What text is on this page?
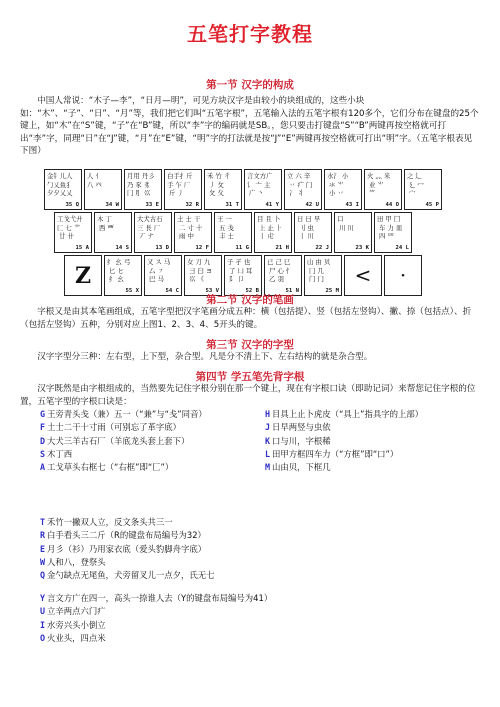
五笔打字教程
第一节 汉字的构成

中国人常说：“木子—李”，“日月—明”，可见方块汉字是由较小的块组成的，这些小块如：“木”、“子”、“日”、“月”等，我们把它们叫“五笔字根”，五笔输入法的五笔字根有120多个，它们分布在键盘的25个键上，如“木”在“S”键，“子”在“B”键，所以“李”字的编码就是SB。，您只要击打键盘“S”“B”两键再按空格就可打出“李”字，同理“日”在“J”键，“月”在“E”键，“明”字的打法就是按“J”“E”两键再按空格就可打出“明”字。（五笔字根表见下图）

金钅儿人
勹乂鱼犭
夕夕乂乂
35 Q
人 亻
八 癶
34 W
月用 丹彡
乃 豕 豸
冂 ⺼ 巛
33 E
白手扌斤
手 乍 厂
斤 丿
32 R
禾 竹 彳
丿 攵
攵 夂
31 T
言文方广
讠 亠 主
广 丶
41 Y
立 六 辛
丷 疒 门
冫 丬
42 U
水氵 小
氺 ⺌
小 丷
43 I
火 灬 米
业 ⺌
⺮
44 O
之 辶
廴 冖
宀
45 P
工戈弋廾
匚 七 艹
廿 卄
15 A
木 丁
西 覀
14 S
大犬古石
三 長 厂
丆 ナ
13 D
土 士 干
二 寸 十
雨 中
12 F
王 一
五 戋
丰 士
11 G
目 且 卜
上 止 ⺊
丨 虍
21 H
日 曰 早
刂 虫
丨 川
22 J
口
川 川
23 K
田 甲 囗
车 力 皿
四 罒
24 L
Z
纟 幺 弓
匕 ヒ
纟 幺
55 X
又 ス 马
厶 ㇇
巴 马
54 C
女 刀 九
彐 臼 ヨ
巛 《
53 V
子 孑 也
了 凵 耳
阝 卩
52 B
已 己 巳
尸 心 忄
乙 羽
51 N
山 由 贝
冂 几
门 冂
25 M
<	·
第二节 汉字的笔画

字根又是由其本笔画组成，五笔字型把汉字笔画分成五种：横（包括提）、竖（包括左竖钩）、撇、捺（包括点）、折（包括左竖钩）五种，分别对应上图1、2、3、4、5开头的键。

第三节 汉字的字型

汉字字型分三种：左右型，上下型，杂合型。凡是分不清上下、左右结构的就是杂合型。

第四节 学五笔先背字根

汉字既然是由字根组成的，当然要先记住字根分别在那一个键上，现在有字根口诀（即助记词）来帮您记住字根的位置，五笔字型的字根口诀是：

G 王旁青头戋（兼）五一（“兼”与“戋”同音）
F 土士二干十寸雨（可别忘了革字底）
D 大犬三羊古石厂（羊底龙头套上套下）
S 木丁西
A 工戈草头右框七（“右框”即“匚”）
H 目具上止卜虎皮（“具上”指具字的上部）
J 日早两竖与虫依
K 口与川，字根稀
L 田甲方框四车力（“方框”即“口”）
M 山由贝，下框几
T 禾竹一撇双人立，反文条头共三一
R 白手看头三二斤（R的键盘布局编号为32）
E 月彡（衫）乃用家衣底（爱头豹脚舟字底）
W 人和八，登祭头
Q 金勺缺点无尾鱼，犬旁留叉儿一点夕，氏无七
Y 言文方广在四一，高头一捺谁人去（Y的键盘布局编号为41）
U 立辛两点六门疒
I 水旁兴头小倒立
O 火业头，四点米
